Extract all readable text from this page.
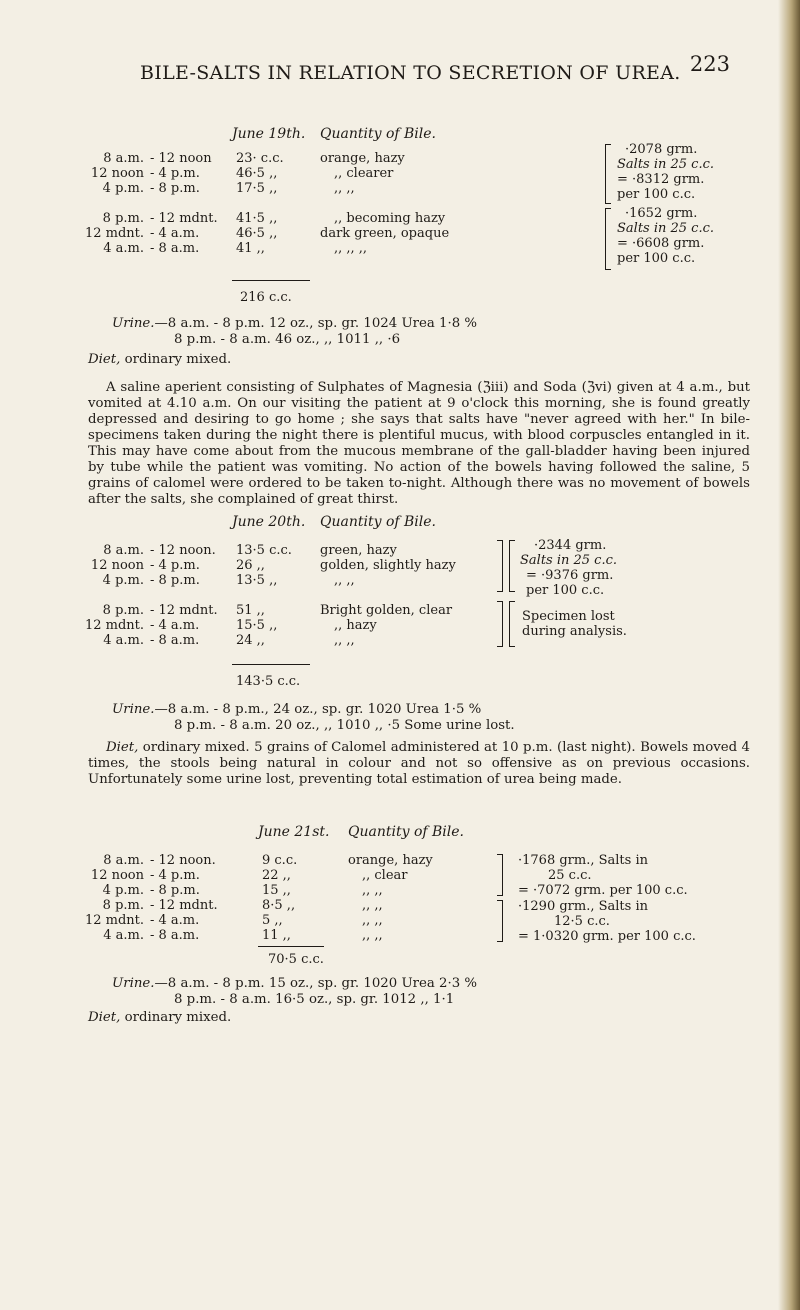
BILE-SALTS IN RELATION TO SECRETION OF UREA. 223
June 19th. Quantity of Bile.
8 a.m.
12 noon
4 p.m.
8 p.m.
12 mdnt.
4 a.m.
- 12 noon
- 4 p.m.
- 8 p.m.
- 12 mdnt.
- 4 a.m.
- 8 a.m.
23· c.c.
46·5 ,,
17·5 ,,
41·5 ,,
46·5 ,,
41 ,,
orange, hazy
,, clearer
,, ,,
,, becoming hazy
dark green, opaque
,, ,, ,,
·2078 grm.
Salts in 25 c.c.
= ·8312 grm.
per 100 c.c.
·1652 grm.
Salts in 25 c.c.
= ·6608 grm.
per 100 c.c.
216 c.c.
Urine.—8 a.m. - 8 p.m. 12 oz., sp. gr. 1024 Urea 1·8 %
8 p.m. - 8 a.m. 46 oz., ,, 1011 ,, ·6
Diet, ordinary mixed.

A saline aperient consisting of Sulphates of Magnesia (ℨiii) and Soda (ℨvi) given at 4 a.m., but vomited at 4.10 a.m. On our visiting the patient at 9 o'clock this morning, she is found greatly depressed and desiring to go home ; she says that salts have "never agreed with her." In bile-specimens taken during the night there is plentiful mucus, with blood corpuscles entangled in it. This may have come about from the mucous membrane of the gall-bladder having been injured by tube while the patient was vomiting. No action of the bowels having followed the saline, 5 grains of calomel were ordered to be taken to-night. Although there was no movement of bowels after the salts, she complained of great thirst.

June 20th. Quantity of Bile.
8 a.m.
12 noon
4 p.m.
8 p.m.
12 mdnt.
4 a.m.
- 12 noon.
- 4 p.m.
- 8 p.m.
- 12 mdnt.
- 4 a.m.
- 8 a.m.
13·5 c.c.
26 ,,
13·5 ,,
51 ,,
15·5 ,,
24 ,,
green, hazy
golden, slightly hazy
,, ,,
Bright golden, clear
,, hazy
,, ,,
·2344 grm.
Salts in 25 c.c.
= ·9376 grm.
per 100 c.c.
Specimen lost
during analysis.
143·5 c.c.
Urine.—8 a.m. - 8 p.m., 24 oz., sp. gr. 1020 Urea 1·5 %
8 p.m. - 8 a.m. 20 oz., ,, 1010 ,, ·5 Some urine lost.

Diet, ordinary mixed. 5 grains of Calomel administered at 10 p.m. (last night). Bowels moved 4 times, the stools being natural in colour and not so offensive as on previous occasions. Unfortunately some urine lost, preventing total estimation of urea being made.

June 21st. Quantity of Bile.
8 a.m.
12 noon
4 p.m.
8 p.m.
12 mdnt.
4 a.m.
- 12 noon.
- 4 p.m.
- 8 p.m.
- 12 mdnt.
- 4 a.m.
- 8 a.m.
9 c.c.
22 ,,
15 ,,
8·5 ,,
5 ,,
11 ,,
orange, hazy
,, clear
,, ,,
,, ,,
,, ,,
,, ,,
·1768 grm., Salts in
25 c.c.
= ·7072 grm. per 100 c.c.
·1290 grm., Salts in
12·5 c.c.
= 1·0320 grm. per 100 c.c.
70·5 c.c.
Urine.—8 a.m. - 8 p.m. 15 oz., sp. gr. 1020 Urea 2·3 %
8 p.m. - 8 a.m. 16·5 oz., sp. gr. 1012 ,, 1·1
Diet, ordinary mixed.
